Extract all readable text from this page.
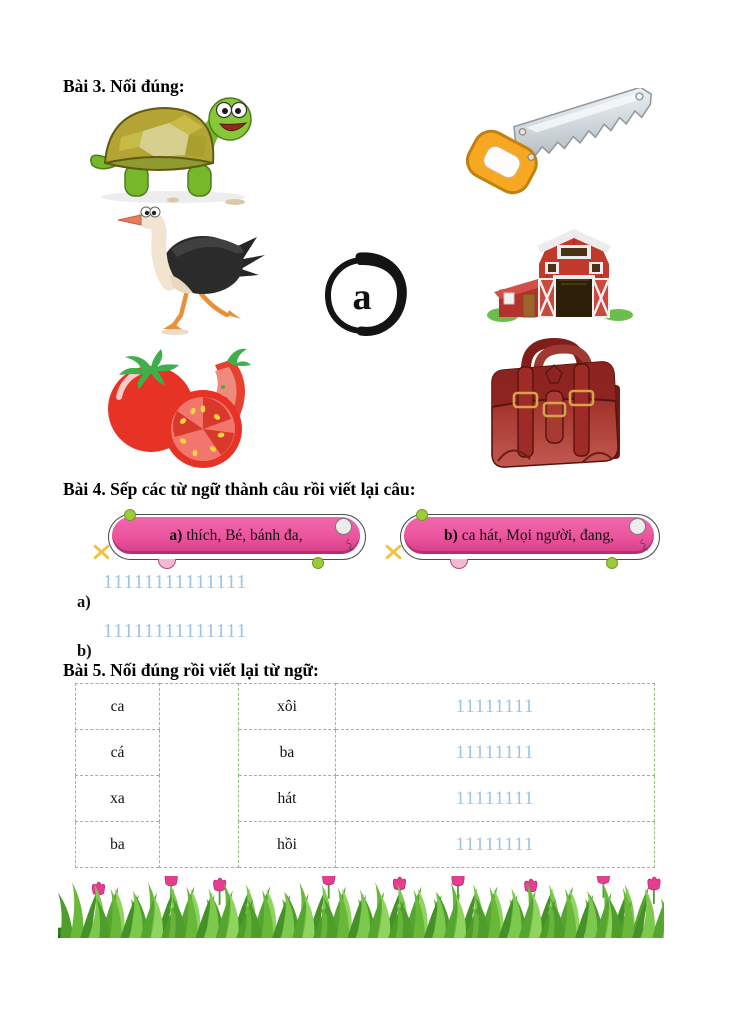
Bài 3. Nối đúng:
a
Bài 4. Sếp các từ ngữ thành câu rồi viết lại câu:
a) thích, Bé, bánh đa,
〰
b) ca hát, Mọi người, đang,
〰
11111111111111
a)
11111111111111
b)
Bài 5. Nối đúng rồi viết lại từ ngữ:
ca		xôi	11111111
cá		ba	11111111
xa		hát	11111111
ba		hồi	11111111
